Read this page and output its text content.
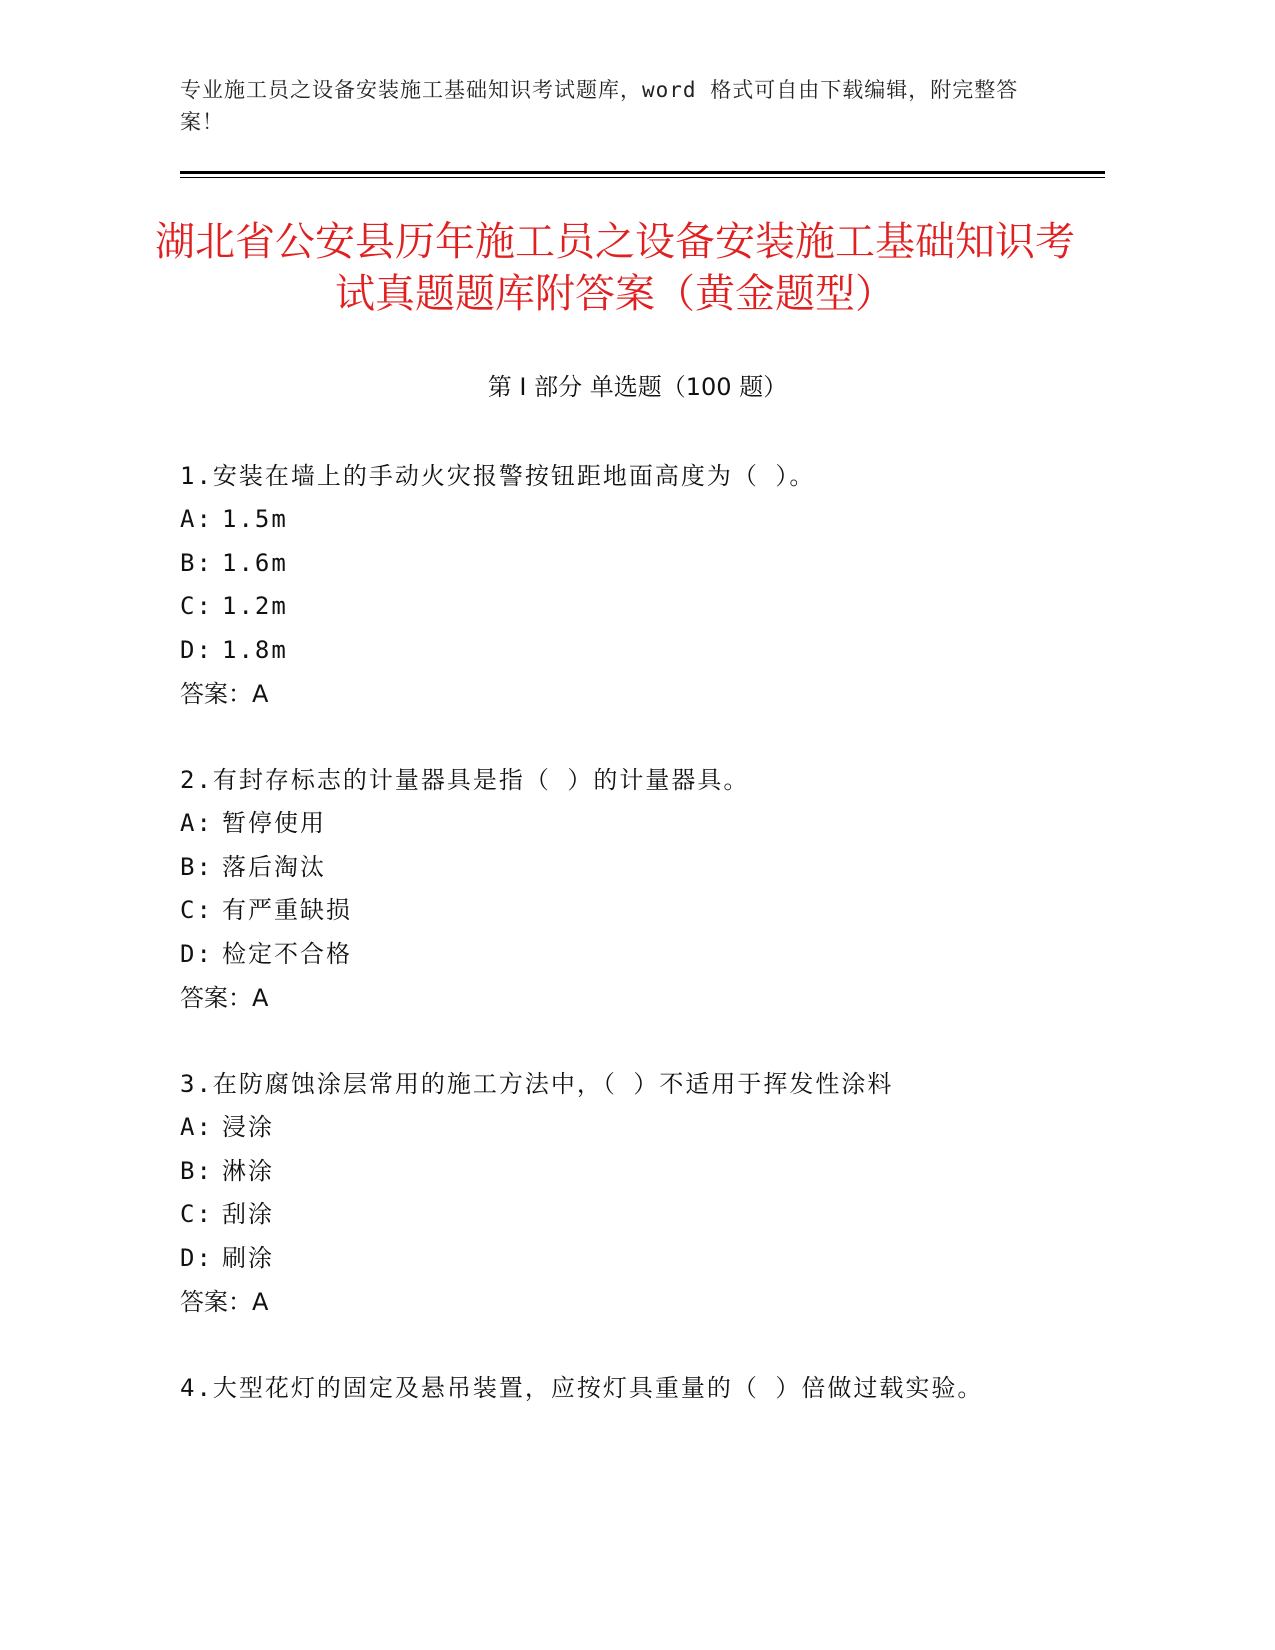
专业施工员之设备安装施工基础知识考试题库，word 格式可自由下载编辑，附完整答案！
湖北省公安县历年施工员之设备安装施工基础知识考试真题题库附答案（黄金题型）
第 I 部分 单选题（100 题）
1.安装在墙上的手动火灾报警按钮距地面高度为（ ）。
A: 1.5m
B: 1.6m
C: 1.2m
D: 1.8m
答案：A
2.有封存标志的计量器具是指（ ）的计量器具。
A: 暂停使用
B: 落后淘汰
C: 有严重缺损
D: 检定不合格
答案：A
3.在防腐蚀涂层常用的施工方法中，（ ）不适用于挥发性涂料
A: 浸涂
B: 淋涂
C: 刮涂
D: 刷涂
答案：A
4.大型花灯的固定及悬吊装置，应按灯具重量的（ ）倍做过载实验。
